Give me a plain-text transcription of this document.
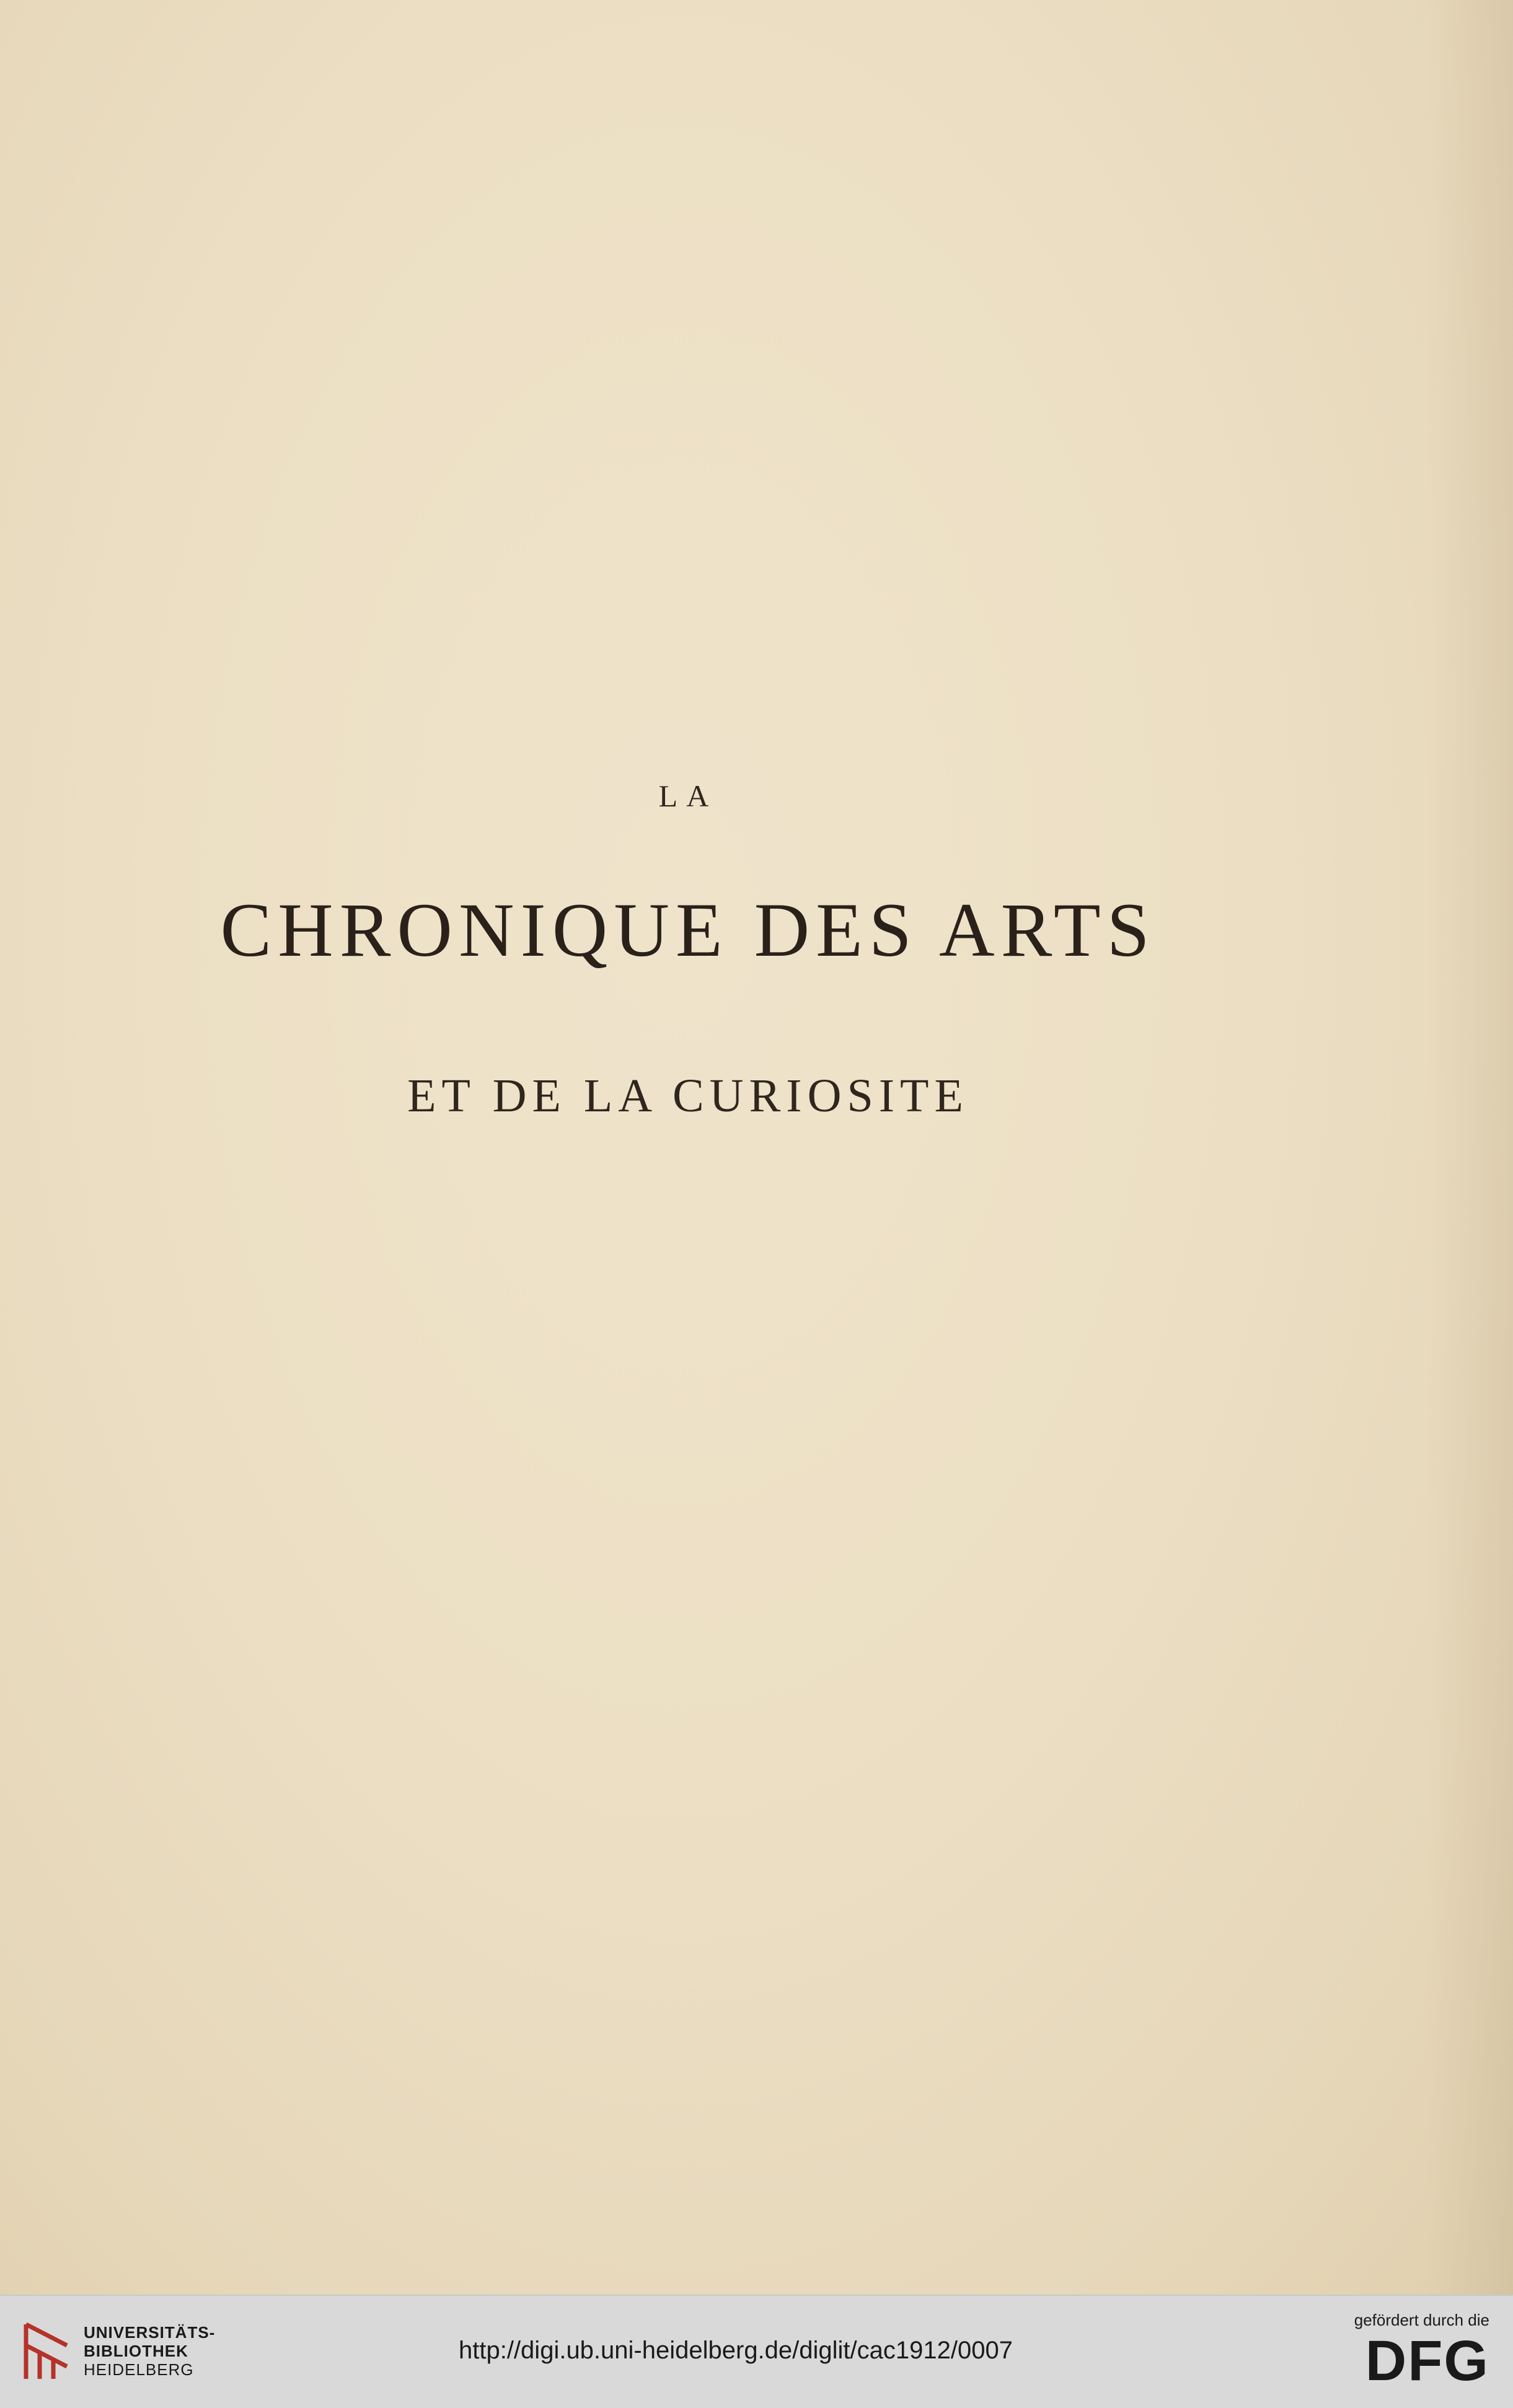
LA
CHRONIQUE DES ARTS
ET DE LA CURIOSITE
UNIVERSITÄTS-
BIBLIOTHEK
HEIDELBERG
http://digi.ub.uni-heidelberg.de/diglit/cac1912/0007
gefördert durch die
DFG
